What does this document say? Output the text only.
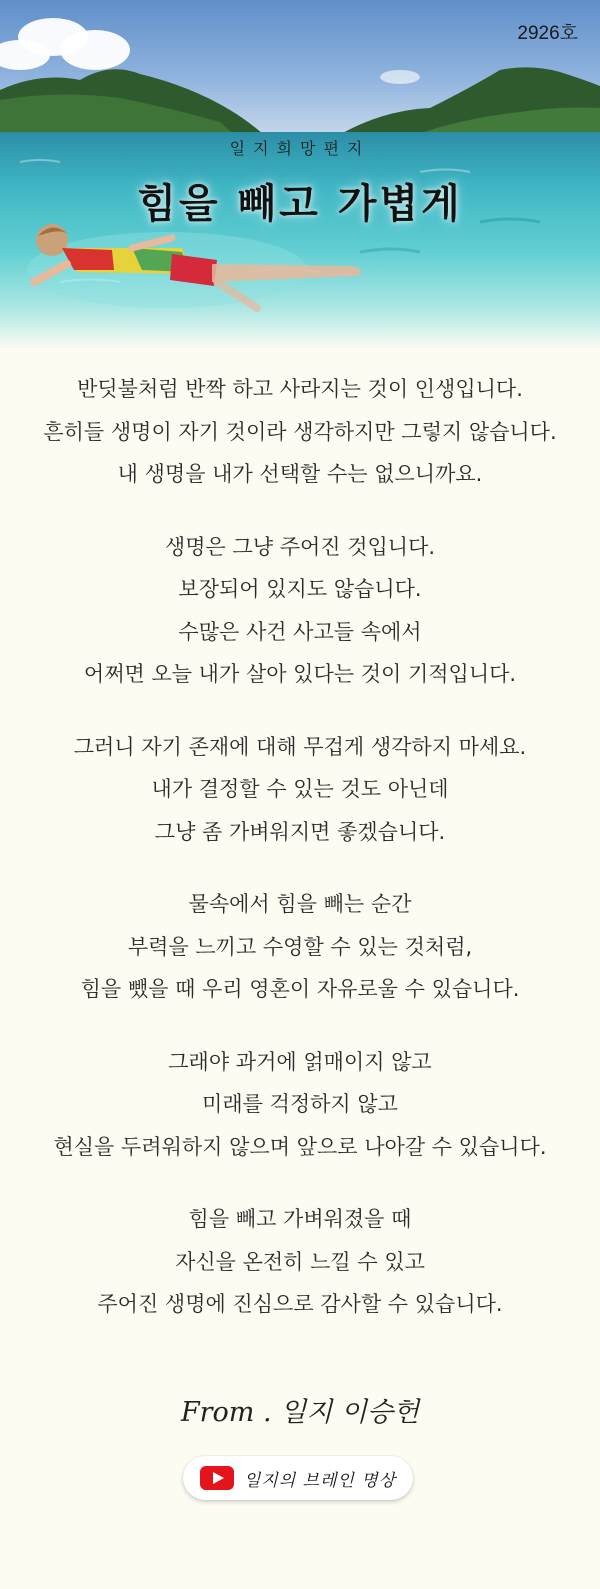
2926호
일지희망편지
힘을 빼고 가볍게
반딧불처럼 반짝 하고 사라지는 것이 인생입니다.
흔히들 생명이 자기 것이라 생각하지만 그렇지 않습니다.
내 생명을 내가 선택할 수는 없으니까요.
생명은 그냥 주어진 것입니다.
보장되어 있지도 않습니다.
수많은 사건 사고들 속에서
어쩌면 오늘 내가 살아 있다는 것이 기적입니다.
그러니 자기 존재에 대해 무겁게 생각하지 마세요.
내가 결정할 수 있는 것도 아닌데
그냥 좀 가벼워지면 좋겠습니다.
물속에서 힘을 빼는 순간
부력을 느끼고 수영할 수 있는 것처럼,
힘을 뺐을 때 우리 영혼이 자유로울 수 있습니다.
그래야 과거에 얽매이지 않고
미래를 걱정하지 않고
현실을 두려워하지 않으며 앞으로 나아갈 수 있습니다.
힘을 빼고 가벼워졌을 때
자신을 온전히 느낄 수 있고
주어진 생명에 진심으로 감사할 수 있습니다.
From . 일지 이승헌
일지의 브레인 명상
